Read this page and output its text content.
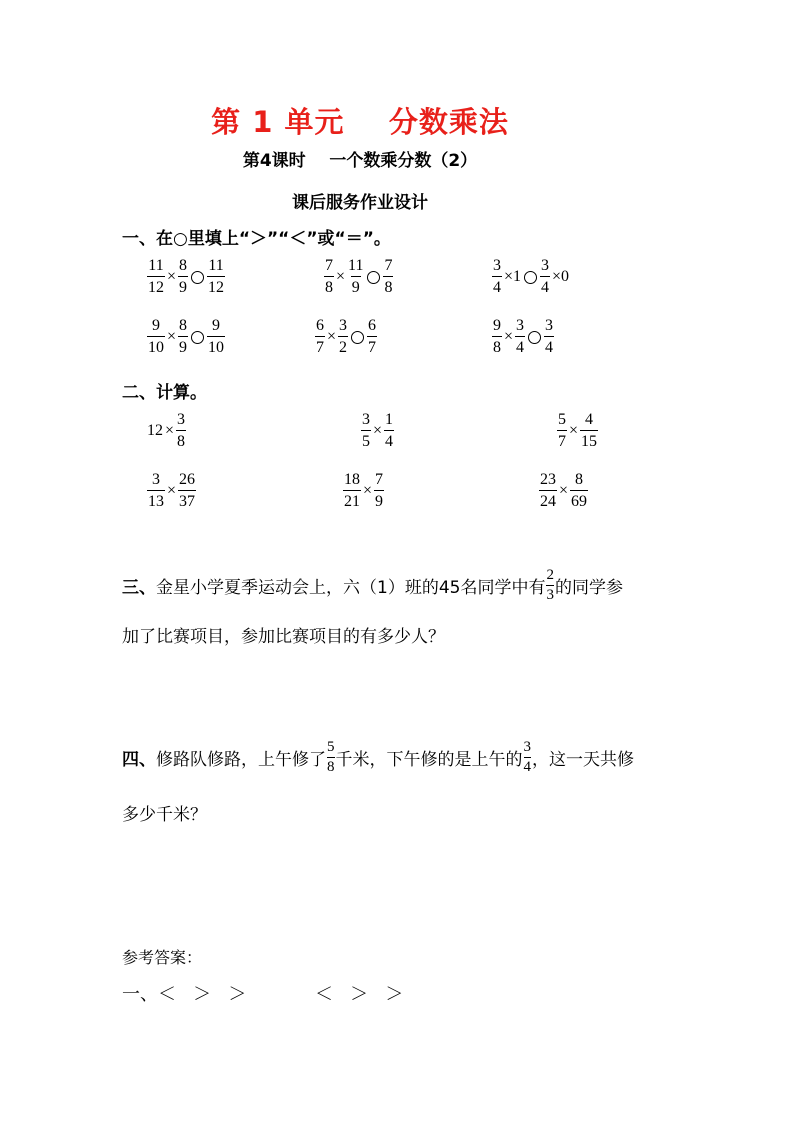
第 1 单元    分数乘法
第4课时    一个数乘分数（2）
课后服务作业设计
一、在○里填上“＞”“＜”或“＝”。
$\frac{11}{12} \times \frac{8}{9} \frac{11}{12}$	$\frac{7}{8} \times \frac{11}{9} \frac{7}{8}$	$\frac{3}{4} \times 1 \frac{3}{4} \times 0$
$\frac{9}{10} \times \frac{8}{9} \frac{9}{10}$	$\frac{6}{7} \times \frac{3}{2} \frac{6}{7}$	$\frac{9}{8} \times \frac{3}{4} \frac{3}{4}$
二、计算。
$12 \times \frac{3}{8}$	$\frac{3}{5} \times \frac{1}{4}$	$\frac{5}{7} \times \frac{4}{15}$
$\frac{3}{13} \times \frac{26}{37}$	$\frac{18}{21} \times \frac{7}{9}$	$\frac{23}{24} \times \frac{8}{69}$
三、 金星小学夏季运动会上，六（1）班的45名同学中有 $\frac{2}{3}$ 的同学参
加了比赛项目，参加比赛项目的有多少人？
四、 修路队修路，上午修了 $\frac{5}{8}$ 千米，下午修的是上午的 $\frac{3}{4}$ ，这一天共修
多少千米？
参考答案：
一、＜   ＞   ＞            ＜   ＞   ＞
